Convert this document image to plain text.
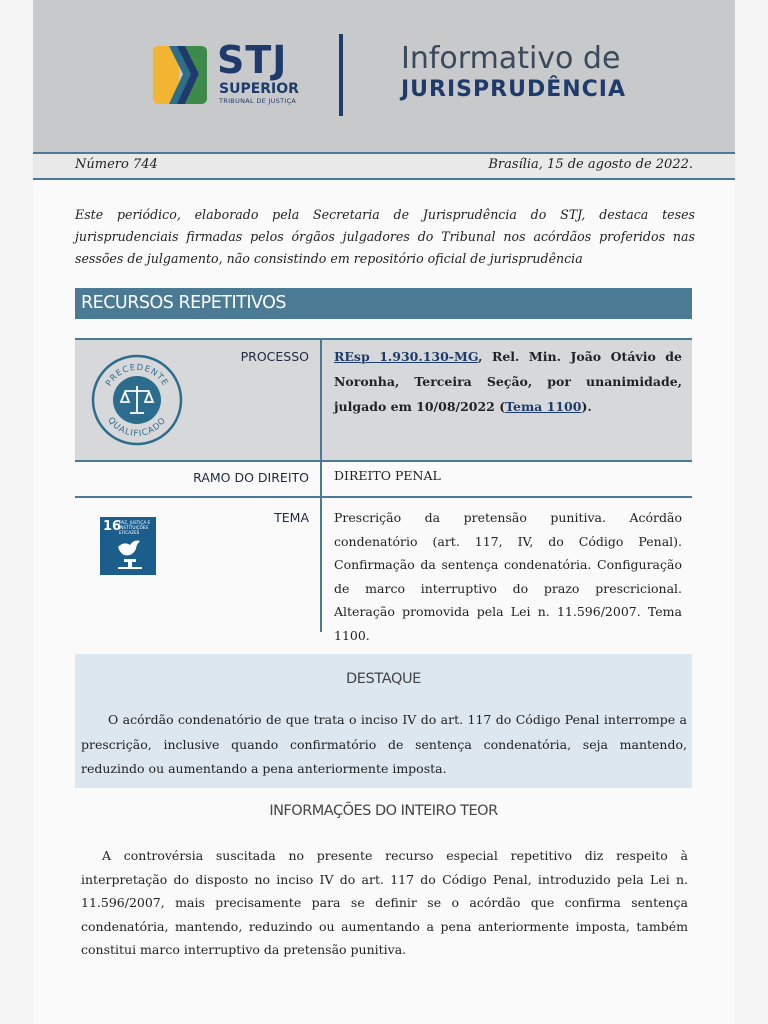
STJ
SUPERIOR
TRIBUNAL DE JUSTIÇA
Informativo de
JURISPRUDÊNCIA
Número 744	Brasília, 15 de agosto de 2022.
Este periódico, elaborado pela Secretaria de Jurisprudência do STJ, destaca teses jurisprudenciais firmadas pelos órgãos julgadores do Tribunal nos acórdãos proferidos nas sessões de julgamento, não consistindo em repositório oficial de jurisprudência
RECURSOS REPETITIVOS
PRECEDENTE
QUALIFICADO
PROCESSO REsp 1.930.130-MG, Rel. Min. João Otávio de Noronha, Terceira Seção, por unanimidade, julgado em 10/08/2022 (Tema 1100).
RAMO DO DIREITO DIREITO PENAL
16
PAZ, JUSTIÇA E INSTITUIÇÕES EFICAZES
TEMA Prescrição da pretensão punitiva. Acórdão condenatório (art. 117, IV, do Código Penal). Confirmação da sentença condenatória. Configuração de marco interruptivo do prazo prescricional. Alteração promovida pela Lei n. 11.596/2007. Tema 1100.
DESTAQUE
O acórdão condenatório de que trata o inciso IV do art. 117 do Código Penal interrompe a prescrição, inclusive quando confirmatório de sentença condenatória, seja mantendo, reduzindo ou aumentando a pena anteriormente imposta.
INFORMAÇÕES DO INTEIRO TEOR
A controvérsia suscitada no presente recurso especial repetitivo diz respeito à interpretação do disposto no inciso IV do art. 117 do Código Penal, introduzido pela Lei n. 11.596/2007, mais precisamente para se definir se o acórdão que confirma sentença condenatória, mantendo, reduzindo ou aumentando a pena anteriormente imposta, também constitui marco interruptivo da pretensão punitiva.
